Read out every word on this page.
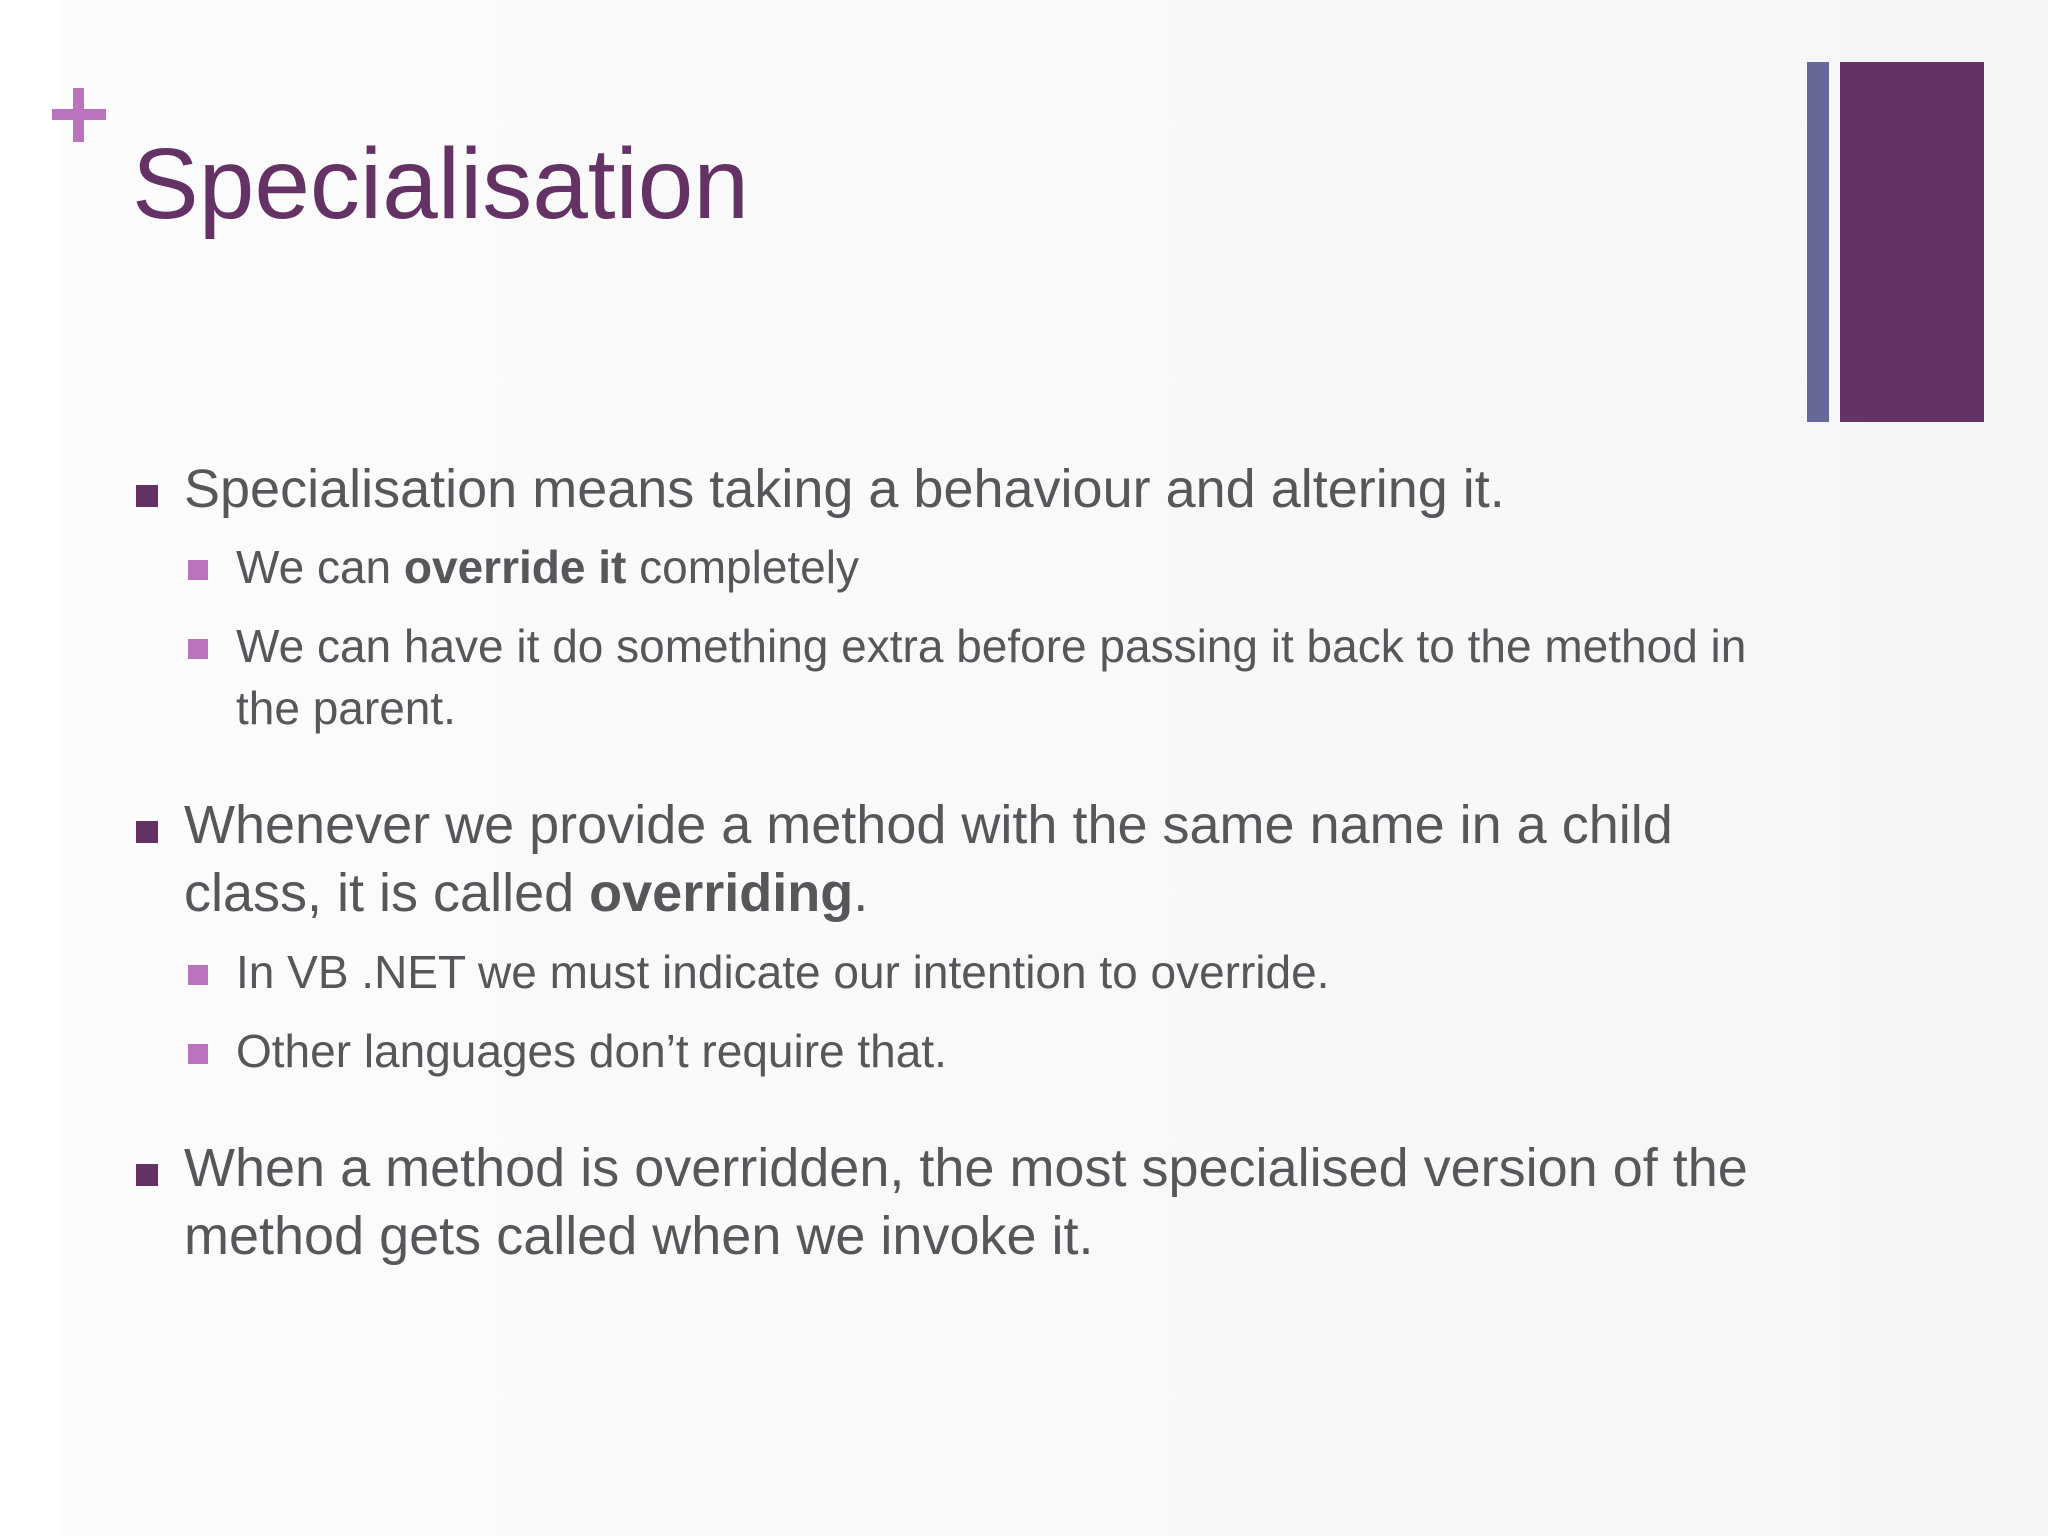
Specialisation
Specialisation means taking a behaviour and altering it.
We can override it completely
We can have it do something extra before passing it back to the method in the parent.
Whenever we provide a method with the same name in a child class, it is called overriding.
In VB .NET we must indicate our intention to override.
Other languages don’t require that.
When a method is overridden, the most specialised version of the method gets called when we invoke it.
